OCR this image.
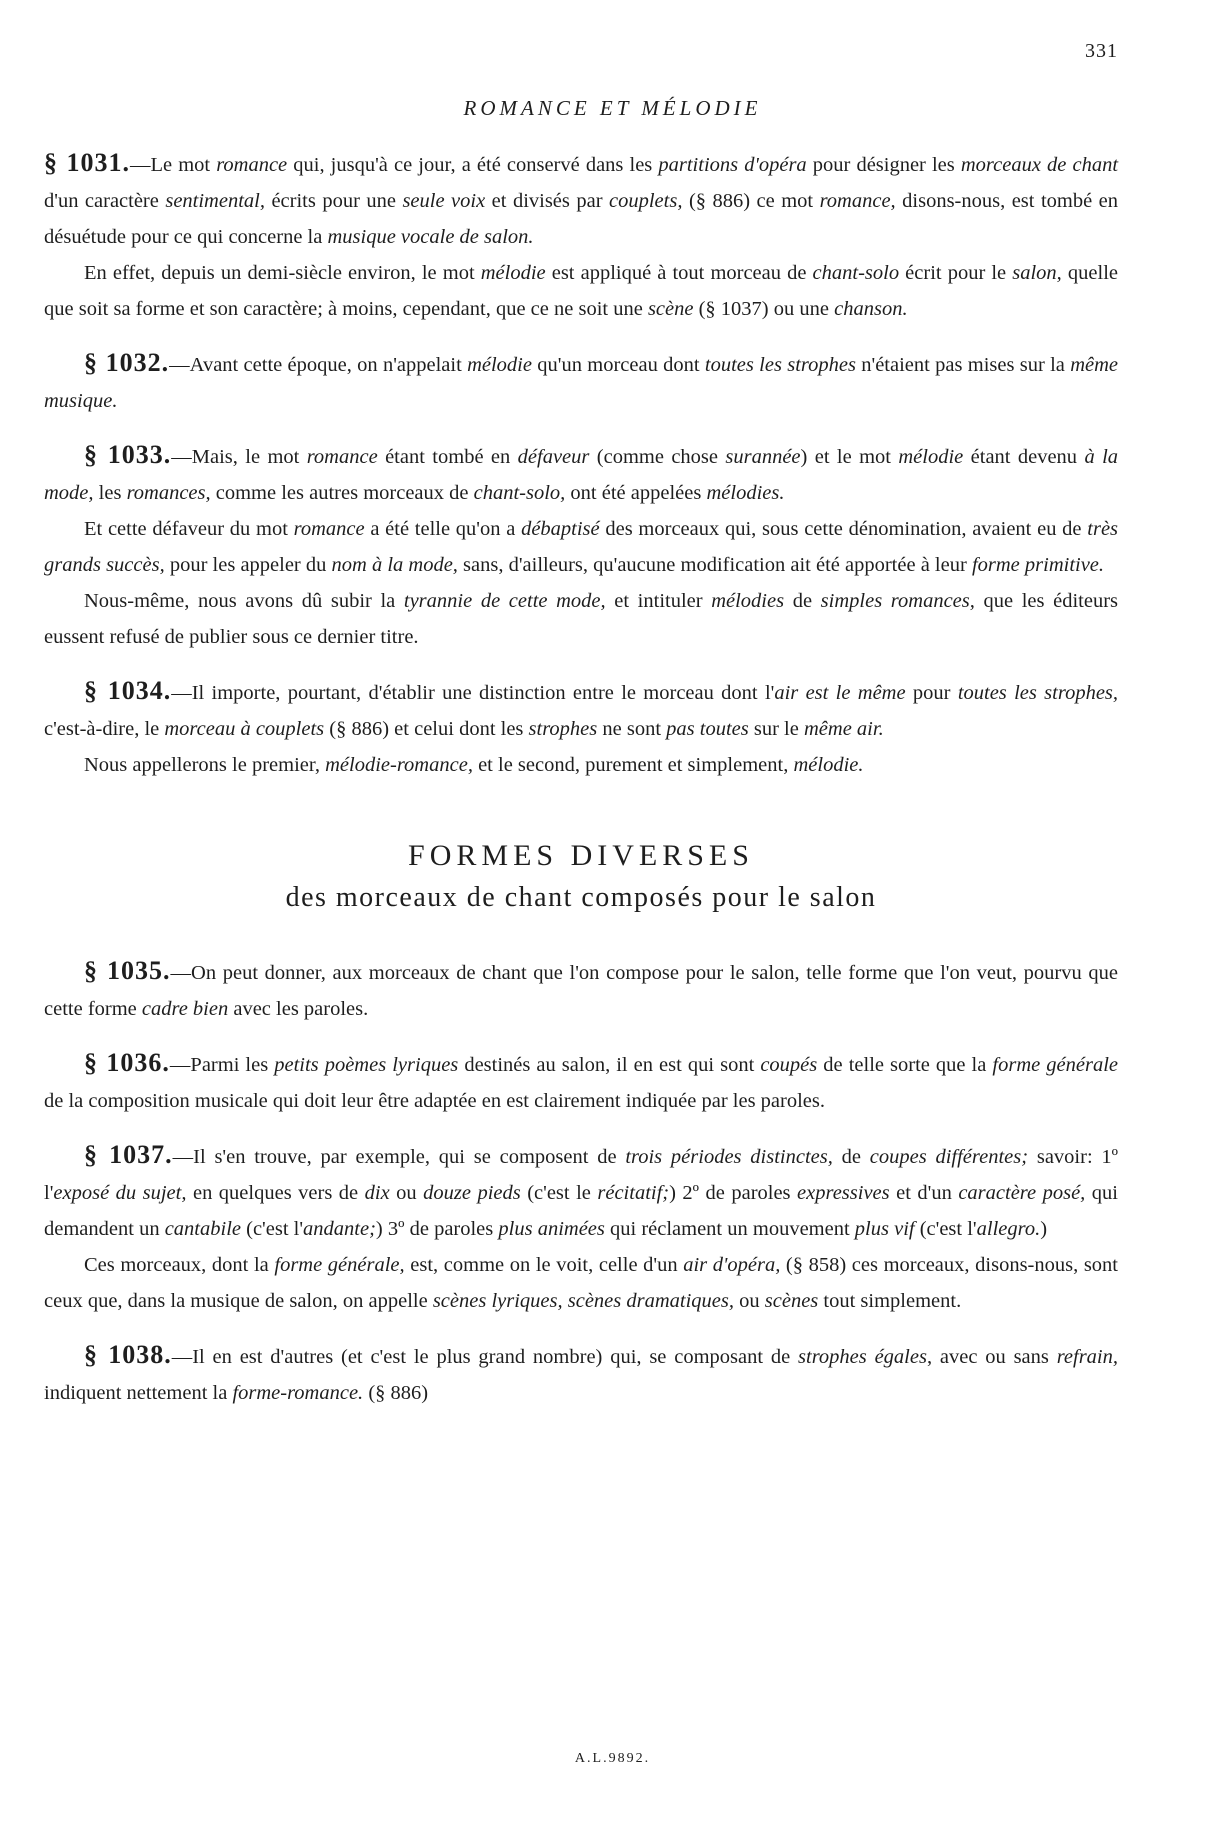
331
ROMANCE ET MÉLODIE

§ 1031.—Le mot romance qui, jusqu'à ce jour, a été conservé dans les partitions d'opéra pour désigner les morceaux de chant d'un caractère sentimental, écrits pour une seule voix et divisés par couplets, (§ 886) ce mot romance, disons-nous, est tombé en désuétude pour ce qui concerne la musique vocale de salon.

En effet, depuis un demi-siècle environ, le mot mélodie est appliqué à tout morceau de chant-solo écrit pour le salon, quelle que soit sa forme et son caractère; à moins, cependant, que ce ne soit une scène (§ 1037) ou une chanson.

§ 1032.—Avant cette époque, on n'appelait mélodie qu'un morceau dont toutes les strophes n'étaient pas mises sur la même musique.

§ 1033.—Mais, le mot romance étant tombé en défaveur (comme chose surannée) et le mot mélodie étant devenu à la mode, les romances, comme les autres morceaux de chant-solo, ont été appelées mélodies.

Et cette défaveur du mot romance a été telle qu'on a débaptisé des morceaux qui, sous cette dénomination, avaient eu de très grands succès, pour les appeler du nom à la mode, sans, d'ailleurs, qu'aucune modification ait été apportée à leur forme primitive.

Nous-même, nous avons dû subir la tyrannie de cette mode, et intituler mélodies de simples romances, que les éditeurs eussent refusé de publier sous ce dernier titre.

§ 1034.—Il importe, pourtant, d'établir une distinction entre le morceau dont l'air est le même pour toutes les strophes, c'est-à-dire, le morceau à couplets (§ 886) et celui dont les strophes ne sont pas toutes sur le même air.

Nous appellerons le premier, mélodie-romance, et le second, purement et simplement, mélodie.

FORMES DIVERSES
des morceaux de chant composés pour le salon

§ 1035.—On peut donner, aux morceaux de chant que l'on compose pour le salon, telle forme que l'on veut, pourvu que cette forme cadre bien avec les paroles.

§ 1036.—Parmi les petits poèmes lyriques destinés au salon, il en est qui sont coupés de telle sorte que la forme générale de la composition musicale qui doit leur être adaptée en est clairement indiquée par les paroles.

§ 1037.—Il s'en trouve, par exemple, qui se composent de trois périodes distinctes, de coupes différentes; savoir: 1º l'exposé du sujet, en quelques vers de dix ou douze pieds (c'est le récitatif;) 2º de paroles expressives et d'un caractère posé, qui demandent un cantabile (c'est l'andante;) 3º de paroles plus animées qui réclament un mouvement plus vif (c'est l'allegro.)

Ces morceaux, dont la forme générale, est, comme on le voit, celle d'un air d'opéra, (§ 858) ces morceaux, disons-nous, sont ceux que, dans la musique de salon, on appelle scènes lyriques, scènes dramatiques, ou scènes tout simplement.

§ 1038.—Il en est d'autres (et c'est le plus grand nombre) qui, se composant de strophes égales, avec ou sans refrain, indiquent nettement la forme-romance. (§ 886)

A.L.9892.
